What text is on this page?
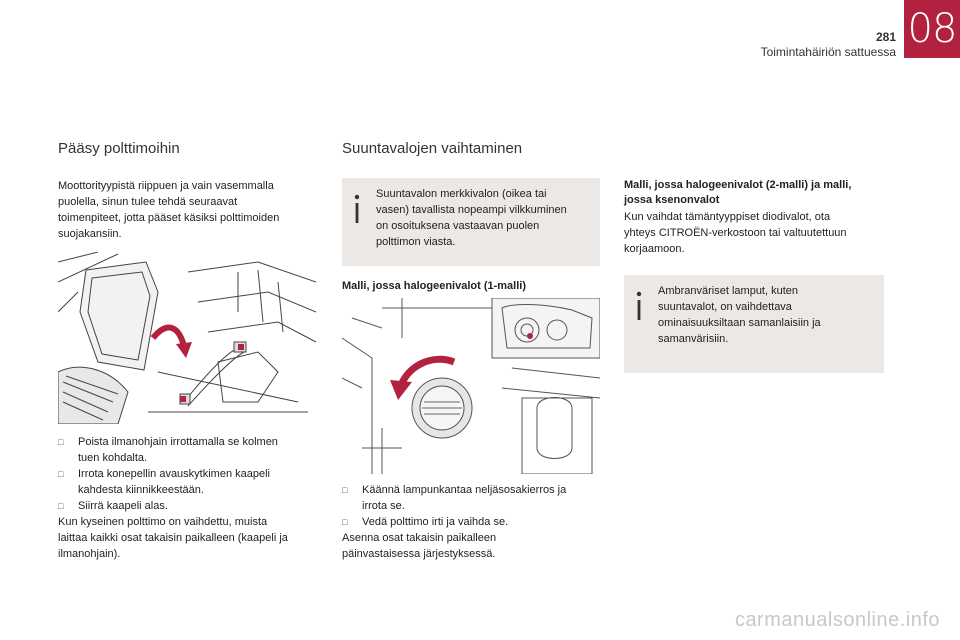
281
Toimintahäiriön sattuessa 08
Pääsy polttimoihin
Moottorityypistä riippuen ja vain vasemmalla
puolella, sinun tulee tehdä seuraavat
toimenpiteet, jotta pääset käsiksi polttimoiden
suojakansiin.
□ Poista ilmanohjain irrottamalla se kolmen
tuen kohdalta.
□ Irrota konepellin avauskytkimen kaapeli
kahdesta kiinnikkeestään.
□ Siirrä kaapeli alas.
Kun kyseinen polttimo on vaihdettu, muista
laittaa kaikki osat takaisin paikalleen (kaapeli ja
ilmanohjain).
Suuntavalojen vaihtaminen
Suuntavalon merkkivalon (oikea tai
vasen) tavallista nopeampi vilkkuminen
on osoituksena vastaavan puolen
polttimon viasta.
Malli, jossa halogeenivalot (1-malli)
□ Käännä lampunkantaa neljäsosakierros ja
irrota se.
□ Vedä polttimo irti ja vaihda se.
Asenna osat takaisin paikalleen
päinvastaisessa järjestyksessä.
Malli, jossa halogeenivalot (2-malli) ja malli,
jossa ksenonvalot
Kun vaihdat tämäntyyppiset diodivalot, ota
yhteys CITROËN-verkostoon tai valtuutettuun
korjaamoon.
Ambranväriset lamput, kuten
suuntavalot, on vaihdettava
ominaisuuksiltaan samanlaisiin ja
samanvärisiin.
carmanualsonline.info
